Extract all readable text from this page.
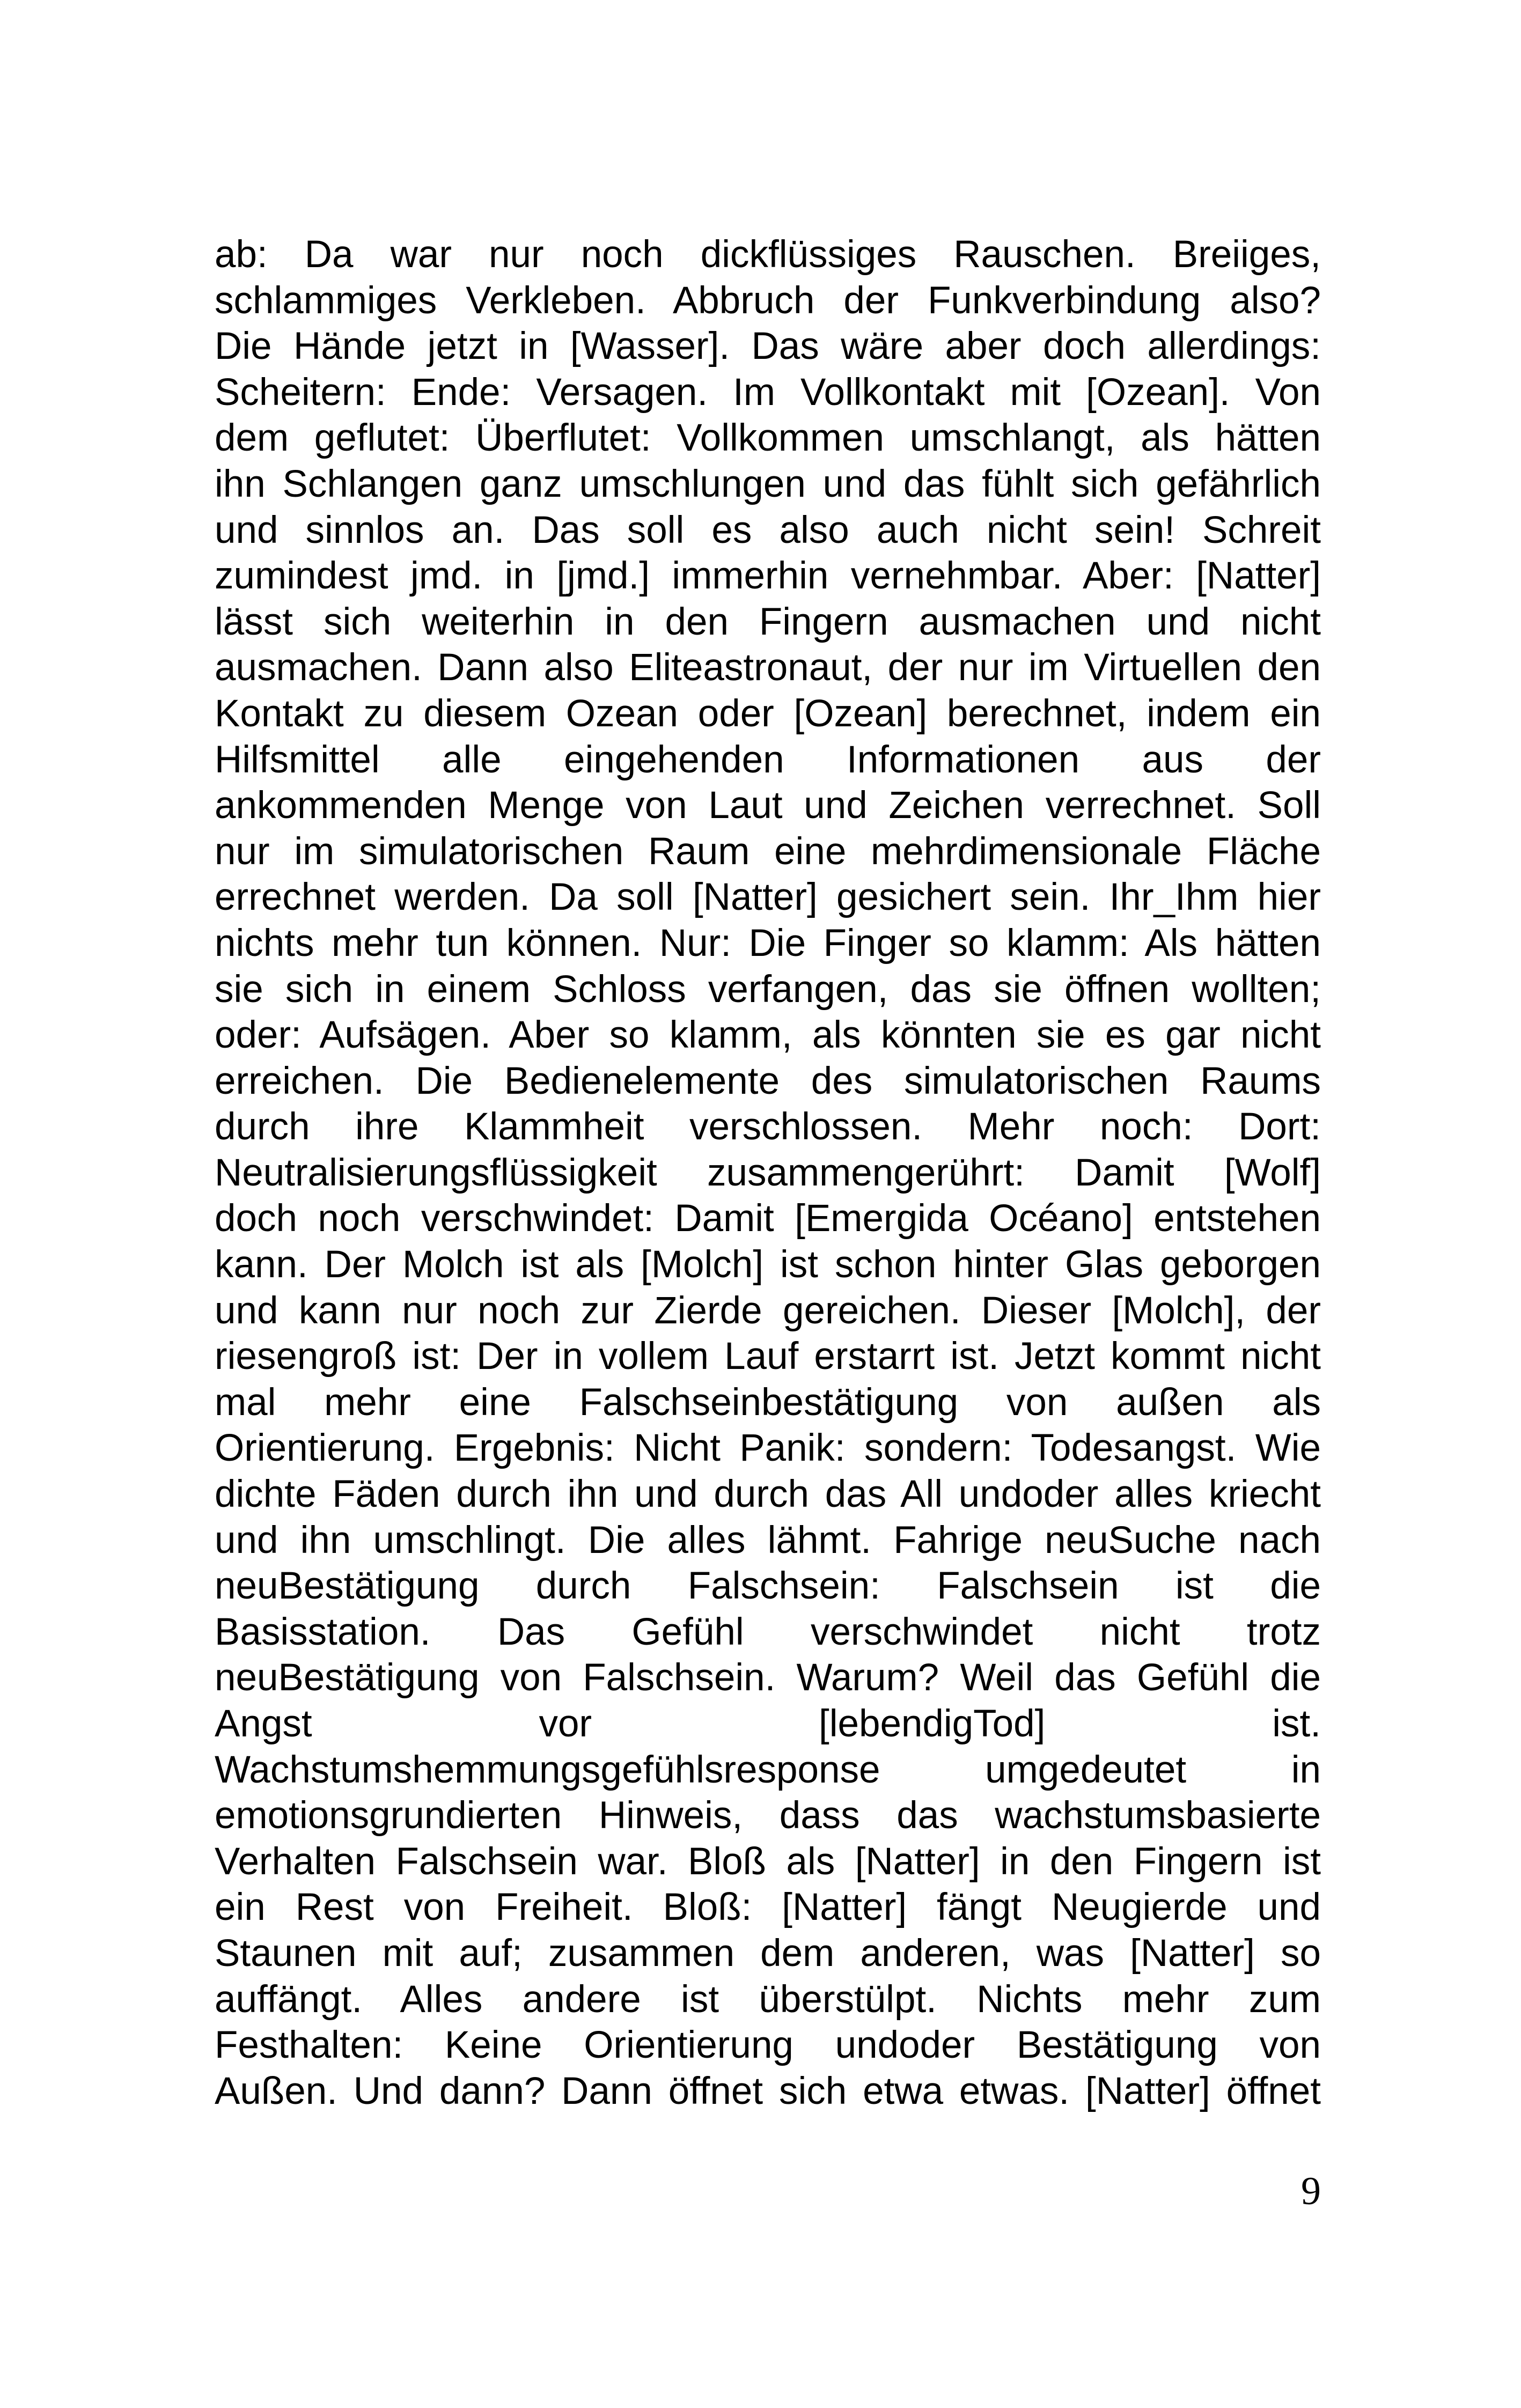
ab: Da war nur noch dickflüssiges Rauschen. Breiiges,
schlammiges Verkleben. Abbruch der Funkverbindung also?
Die Hände jetzt in [Wasser]. Das wäre aber doch allerdings:
Scheitern: Ende: Versagen. Im Vollkontakt mit [Ozean]. Von
dem geflutet: Überflutet: Vollkommen umschlangt, als hätten
ihn Schlangen ganz umschlungen und das fühlt sich gefährlich
und sinnlos an. Das soll es also auch nicht sein! Schreit
zumindest jmd. in [jmd.] immerhin vernehmbar. Aber: [Natter]
lässt sich weiterhin in den Fingern ausmachen und nicht
ausmachen. Dann also Eliteastronaut, der nur im Virtuellen den
Kontakt zu diesem Ozean oder [Ozean] berechnet, indem ein
Hilfsmittel alle eingehenden Informationen aus der
ankommenden Menge von Laut und Zeichen verrechnet. Soll
nur im simulatorischen Raum eine mehrdimensionale Fläche
errechnet werden. Da soll [Natter] gesichert sein. Ihr_Ihm hier
nichts mehr tun können. Nur: Die Finger so klamm: Als hätten
sie sich in einem Schloss verfangen, das sie öffnen wollten;
oder: Aufsägen. Aber so klamm, als könnten sie es gar nicht
erreichen. Die Bedienelemente des simulatorischen Raums
durch ihre Klammheit verschlossen. Mehr noch: Dort:
Neutralisierungsflüssigkeit zusammengerührt: Damit [Wolf]
doch noch verschwindet: Damit [Emergida Océano] entstehen
kann. Der Molch ist als [Molch] ist schon hinter Glas geborgen
und kann nur noch zur Zierde gereichen. Dieser [Molch], der
riesengroß ist: Der in vollem Lauf erstarrt ist. Jetzt kommt nicht
mal mehr eine Falschseinbestätigung von außen als
Orientierung. Ergebnis: Nicht Panik: sondern: Todesangst. Wie
dichte Fäden durch ihn und durch das All undoder alles kriecht
und ihn umschlingt. Die alles lähmt. Fahrige neuSuche nach
neuBestätigung durch Falschsein: Falschsein ist die
Basisstation. Das Gefühl verschwindet nicht trotz
neuBestätigung von Falschsein. Warum? Weil das Gefühl die
Angst vor [lebendigTod] ist.
Wachstumshemmungsgefühlsresponse umgedeutet in
emotionsgrundierten Hinweis, dass das wachstumsbasierte
Verhalten Falschsein war. Bloß als [Natter] in den Fingern ist
ein Rest von Freiheit. Bloß: [Natter] fängt Neugierde und
Staunen mit auf; zusammen dem anderen, was [Natter] so
auffängt. Alles andere ist überstülpt. Nichts mehr zum
Festhalten: Keine Orientierung undoder Bestätigung von
Außen. Und dann? Dann öffnet sich etwa etwas. [Natter] öffnet
9
